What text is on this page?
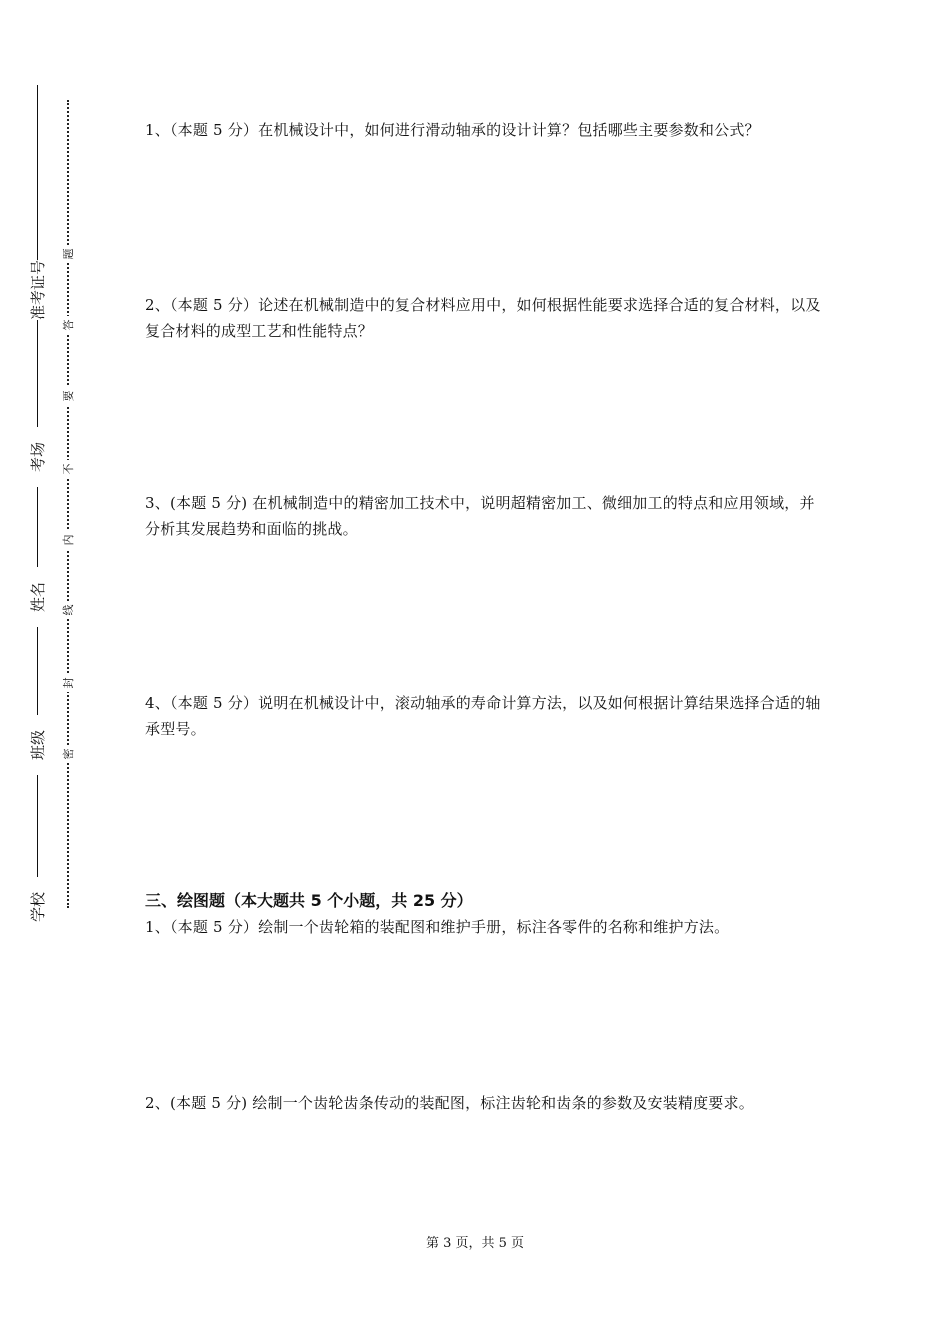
准考证号
考场
姓名
班级
学校
题
答
要
不
内
线
封
密
1、（本题 5 分）在机械设计中，如何进行滑动轴承的设计计算？包括哪些主要参数和公式？
2、（本题 5 分）论述在机械制造中的复合材料应用中，如何根据性能要求选择合适的复合材料，以及复合材料的成型工艺和性能特点？
3、(本题 5 分) 在机械制造中的精密加工技术中，说明超精密加工、微细加工的特点和应用领域，并分析其发展趋势和面临的挑战。
4、（本题 5 分）说明在机械设计中，滚动轴承的寿命计算方法，以及如何根据计算结果选择合适的轴承型号。
三、绘图题（本大题共 5 个小题，共 25 分）
1、（本题 5 分）绘制一个齿轮箱的装配图和维护手册，标注各零件的名称和维护方法。
2、(本题 5 分) 绘制一个齿轮齿条传动的装配图，标注齿轮和齿条的参数及安装精度要求。
第 3 页，共 5 页
